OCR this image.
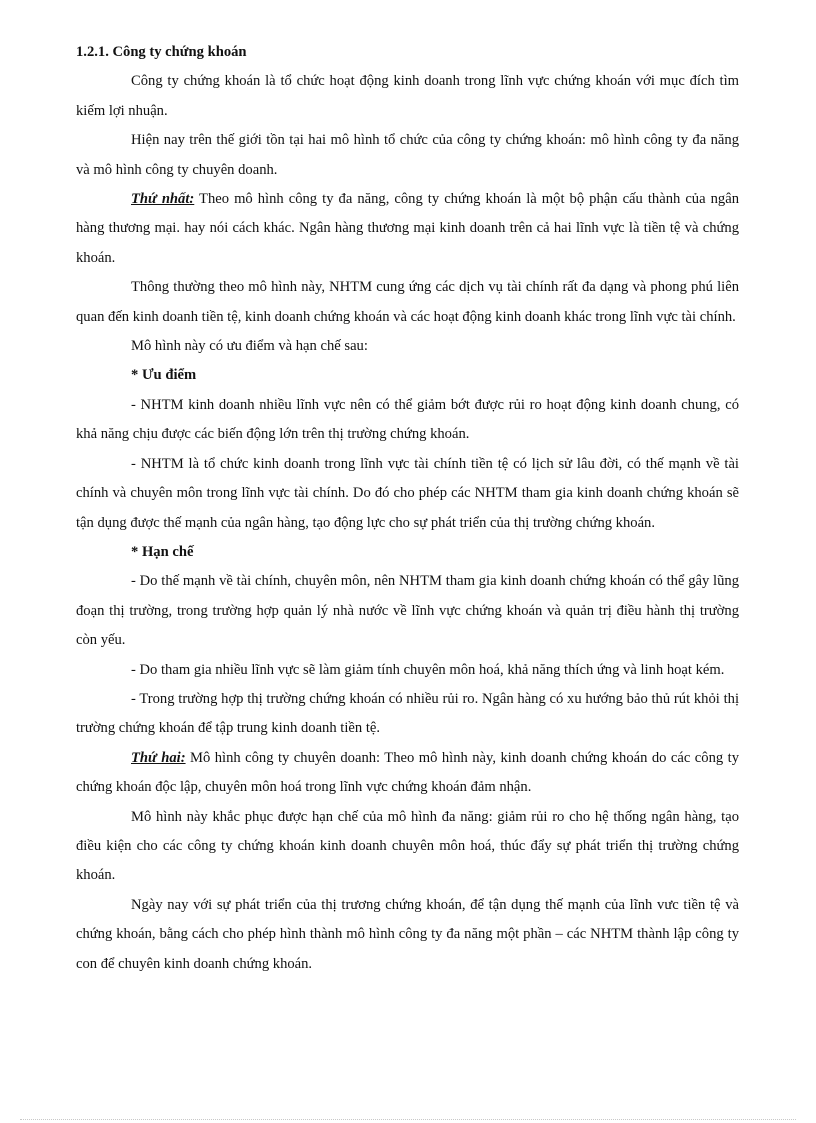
1.2.1. Công ty chứng khoán

Công ty chứng khoán là tổ chức hoạt động kinh doanh trong lĩnh vực chứng khoán với mục đích tìm kiếm lợi nhuận.

Hiện nay trên thế giới tồn tại hai mô hình tổ chức của công ty chứng khoán: mô hình công ty đa năng và mô hình công ty chuyên doanh.

Thứ nhất: Theo mô hình công ty đa năng, công ty chứng khoán là một bộ phận cấu thành của ngân hàng thương mại. hay nói cách khác. Ngân hàng thương mại kinh doanh trên cả hai lĩnh vực là tiền tệ và chứng khoán.

Thông thường theo mô hình này, NHTM cung ứng các dịch vụ tài chính rất đa dạng và phong phú liên quan đến kinh doanh tiền tệ, kinh doanh chứng khoán và các hoạt động kinh doanh khác trong lĩnh vực tài chính.

Mô hình này có ưu điểm và hạn chế sau:

* Ưu điểm

- NHTM kinh doanh nhiều lĩnh vực nên có thể giảm bớt được rủi ro hoạt động kinh doanh chung, có khả năng chịu được các biến động lớn trên thị trường chứng khoán.

- NHTM là tổ chức kinh doanh trong lĩnh vực tài chính tiền tệ có lịch sử lâu đời, có thế mạnh về tài chính và chuyên môn trong lĩnh vực tài chính. Do đó cho phép các NHTM tham gia kinh doanh chứng khoán sẽ tận dụng được thế mạnh của ngân hàng, tạo động lực cho sự phát triển của thị trường chứng khoán.

* Hạn chế

- Do thế mạnh về tài chính, chuyên môn, nên NHTM tham gia kinh doanh chứng khoán có thể gây lũng đoạn thị trường, trong trường hợp quản lý nhà nước về lĩnh vực chứng khoán và quản trị điều hành thị trường còn yếu.

- Do tham gia nhiều lĩnh vực sẽ làm giảm tính chuyên môn hoá, khả năng thích ứng và linh hoạt kém.

- Trong trường hợp thị trường chứng khoán có nhiều rủi ro. Ngân hàng có xu hướng bảo thủ rút khỏi thị trường chứng khoán để tập trung kinh doanh tiền tệ.

Thứ hai: Mô hình công ty chuyên doanh: Theo mô hình này, kinh doanh chứng khoán do các công ty chứng khoán độc lập, chuyên môn hoá trong lĩnh vực chứng khoán đảm nhận.

Mô hình này khắc phục được hạn chế của mô hình đa năng: giảm rủi ro cho hệ thống ngân hàng, tạo điều kiện cho các công ty chứng khoán kinh doanh chuyên môn hoá, thúc đẩy sự phát triển thị trường chứng khoán.

Ngày nay với sự phát triển của thị trương chứng khoán, để tận dụng thế mạnh của lĩnh vưc tiền tệ và chứng khoán, bằng cách cho phép hình thành mô hình công ty đa năng một phần – các NHTM thành lập công ty con để chuyên kinh doanh chứng khoán.
